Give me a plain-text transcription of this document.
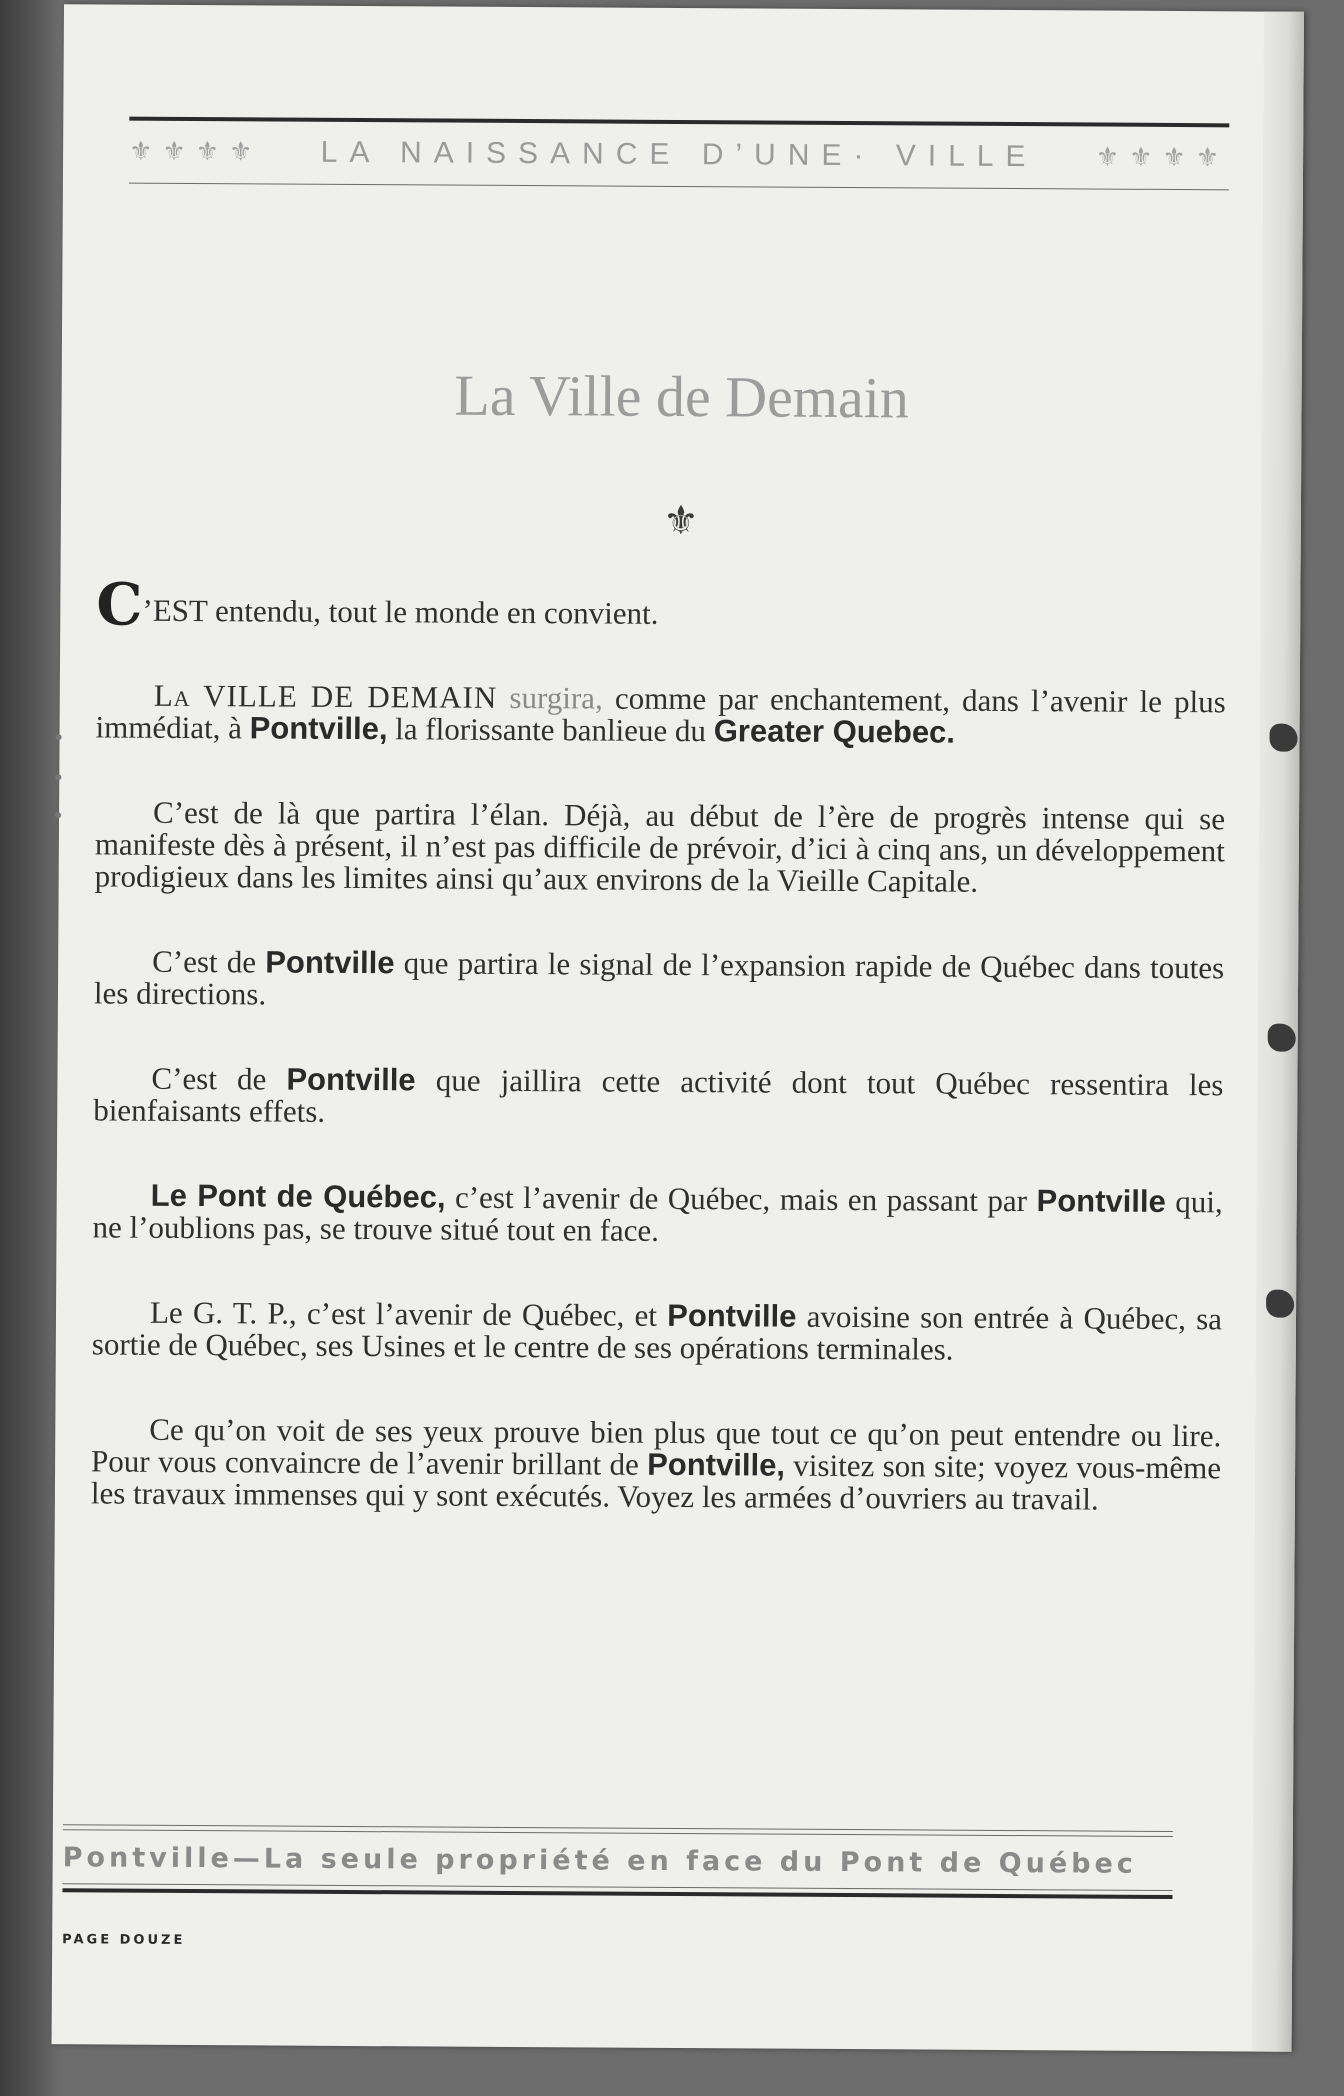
⚜⚜⚜⚜	LA NAISSANCE D’UNE· VILLE	⚜⚜⚜⚜
La Ville de Demain
⚜

C’EST entendu, tout le monde en convient.

La VILLE DE DEMAIN surgira, comme par enchantement, dans l’avenir le plus immédiat, à Pontville, la florissante banlieue du Greater Quebec.

C’est de là que partira l’élan. Déjà, au début de l’ère de progrès intense qui se manifeste dès à présent, il n’est pas difficile de prévoir, d’ici à cinq ans, un développement prodigieux dans les limites ainsi qu’aux environs de la Vieille Capitale.

C’est de Pontville que partira le signal de l’expansion rapide de Québec dans toutes les directions.

C’est de Pontville que jaillira cette activité dont tout Québec ressentira les bienfaisants effets.

Le Pont de Québec, c’est l’avenir de Québec, mais en passant par Pontville qui, ne l’oublions pas, se trouve situé tout en face.

Le G. T. P., c’est l’avenir de Québec, et Pontville avoisine son entrée à Québec, sa sortie de Québec, ses Usines et le centre de ses opérations terminales.

Ce qu’on voit de ses yeux prouve bien plus que tout ce qu’on peut entendre ou lire. Pour vous convaincre de l’avenir brillant de Pontville, visitez son site; voyez vous-même les travaux immenses qui y sont exécutés. Voyez les armées d’ouvriers au travail.

Pontville—La seule propriété en face du Pont de Québec
PAGE DOUZE
